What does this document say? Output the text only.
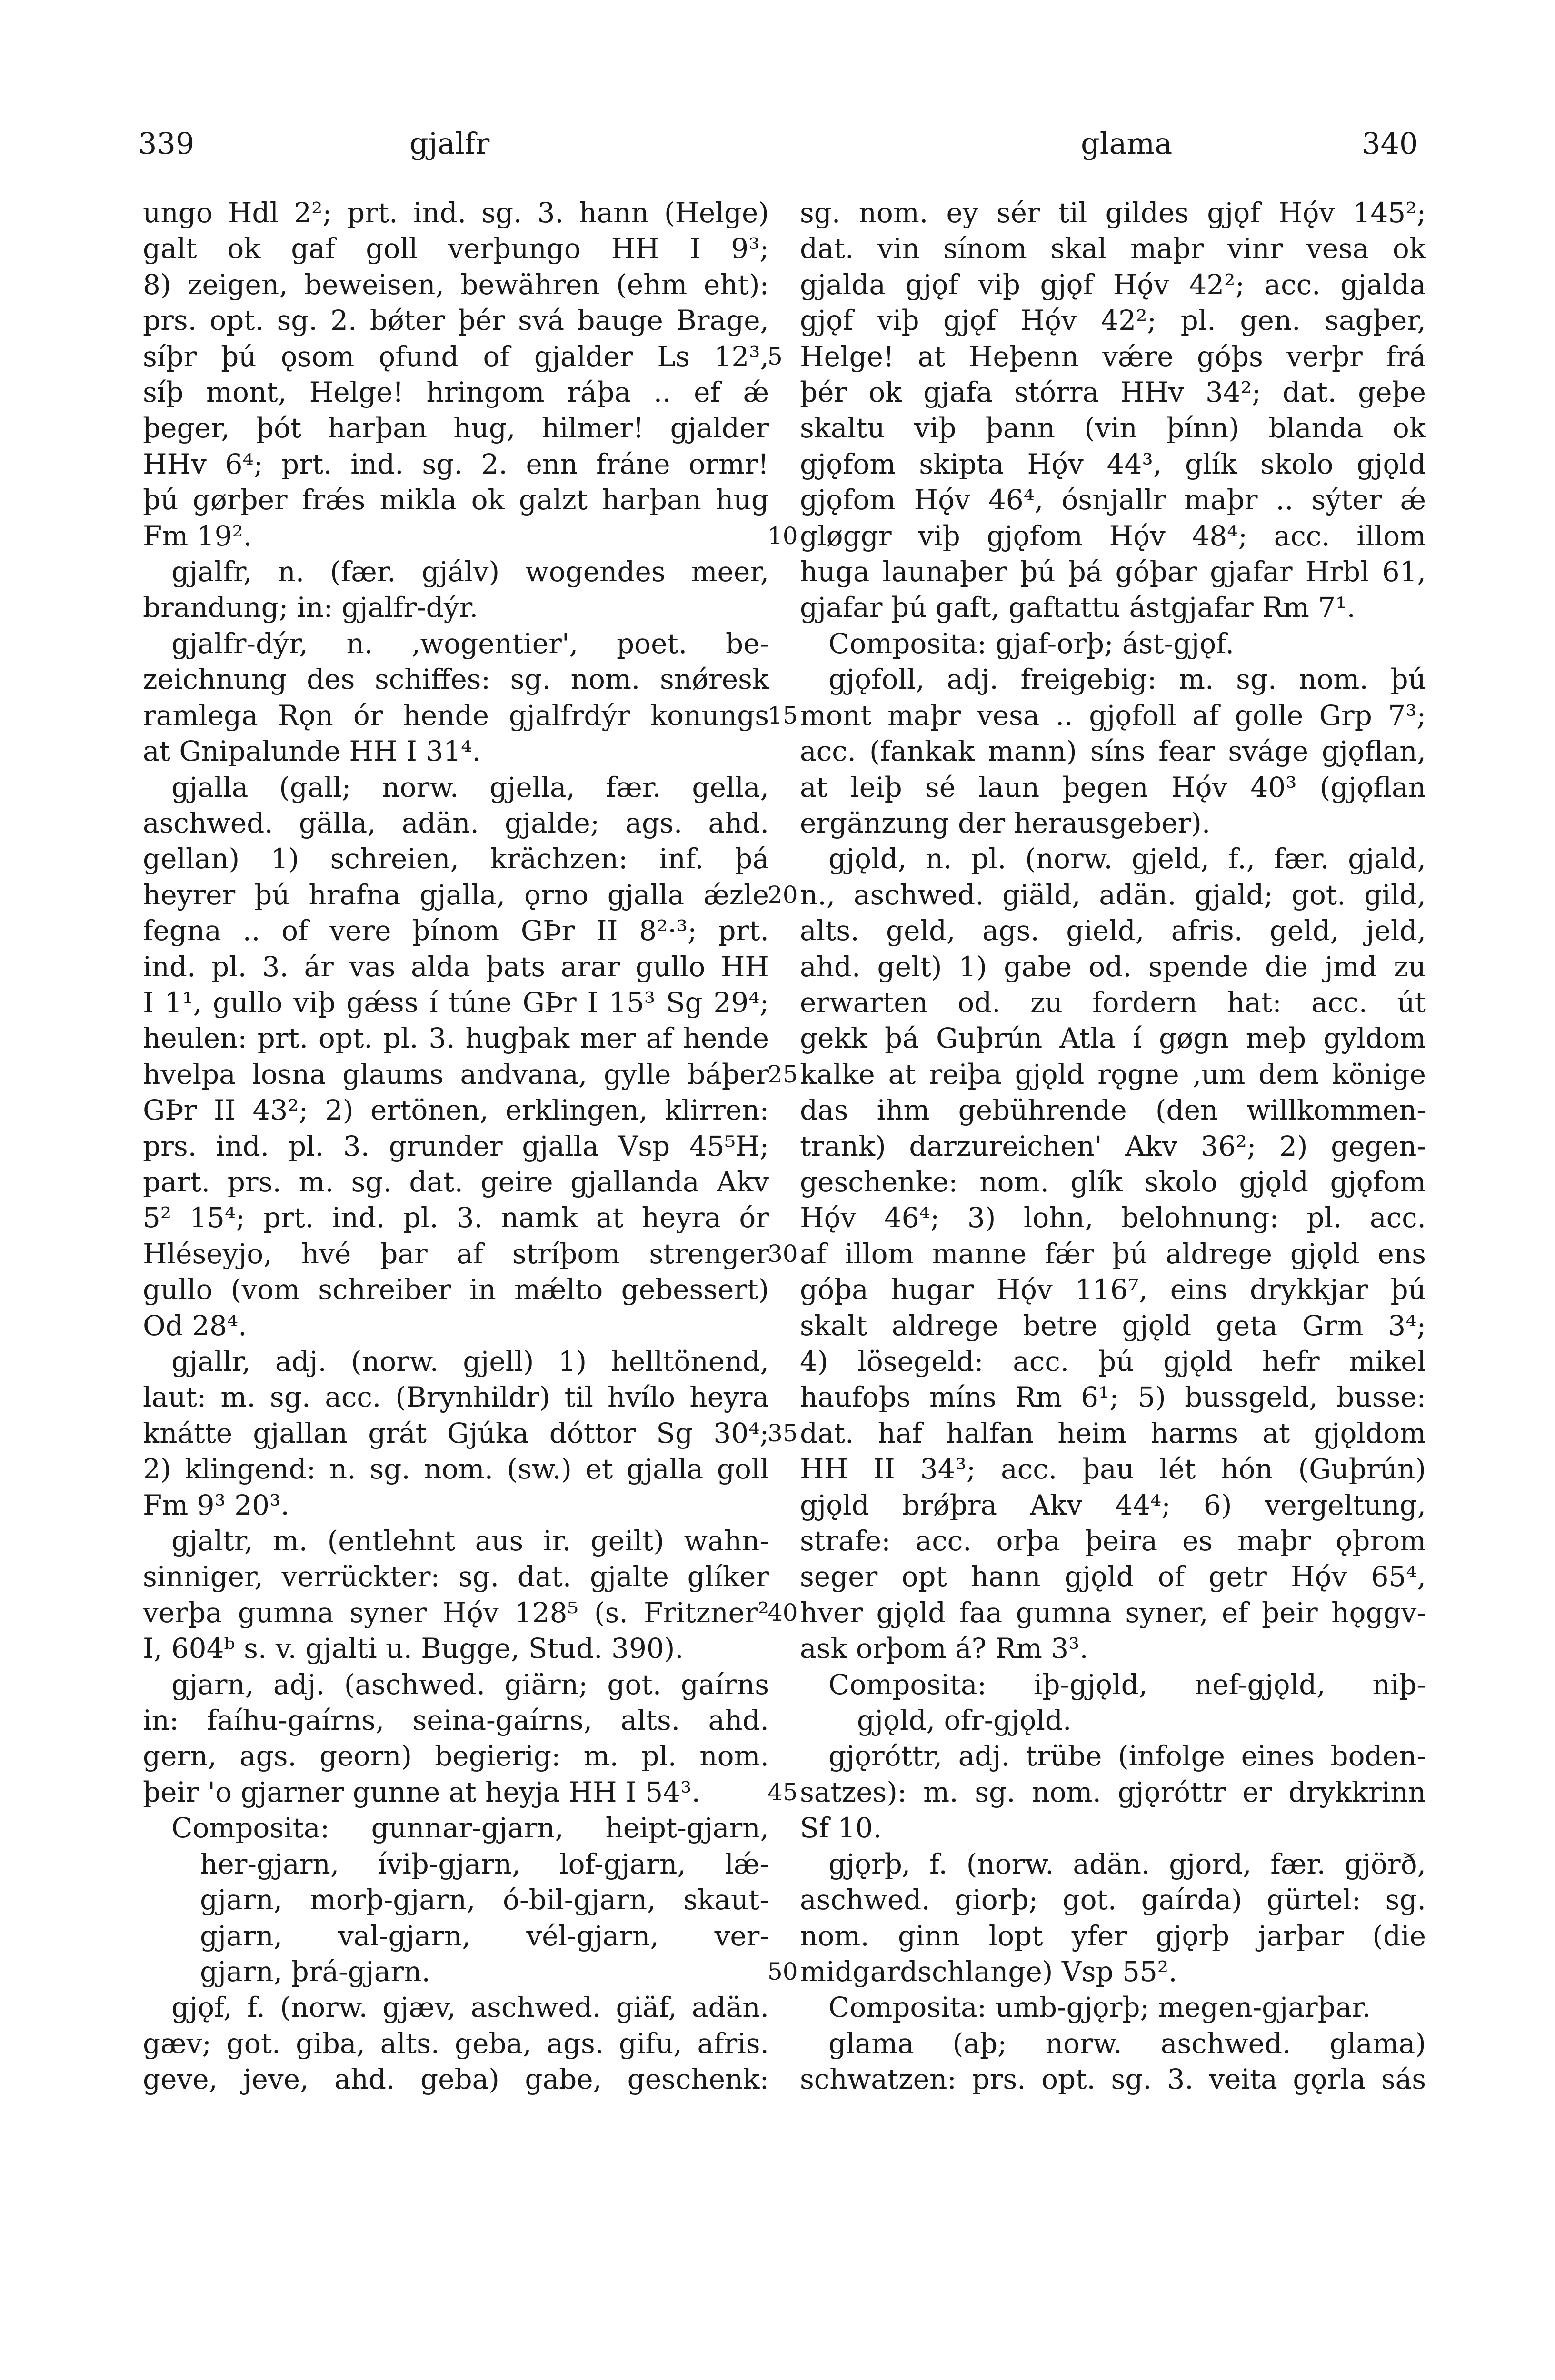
339	gjalfr	glama	340
ungo Hdl 2²; prt. ind. sg. 3. hann (Helge)
galt ok gaf goll verþungo HH I 9³;
8) zeigen, beweisen, bewähren (ehm eht):
prs. opt. sg. 2. bǿter þér svá bauge Brage,
síþr þú ǫsom ǫfund of gjalder Ls 12³,
síþ mont, Helge! hringom ráþa .. ef ǽ
þeger, þót harþan hug, hilmer! gjalder
HHv 6⁴; prt. ind. sg. 2. enn fráne ormr!
þú gørþer frǽs mikla ok galzt harþan hug
Fm 19².
gjalfr, n. (fær. gjálv) wogendes meer,
brandung; in: gjalfr-dýr.
gjalfr-dýr, n. ‚wogentier', poet. be-
zeichnung des schiffes: sg. nom. snǿresk
ramlega Rǫn ór hende gjalfrdýr konungs
at Gnipalunde HH I 31⁴.
gjalla (gall; norw. gjella, fær. gella,
aschwed. gälla, adän. gjalde; ags. ahd.
gellan) 1) schreien, krächzen: inf. þá
heyrer þú hrafna gjalla, ǫrno gjalla ǽzle
fegna .. of vere þínom GÞr II 8²·³; prt.
ind. pl. 3. ár vas alda þats arar gullo HH
I 1¹, gullo viþ gǽss í túne GÞr I 15³ Sg 29⁴;
heulen: prt. opt. pl. 3. hugþak mer af hende
hvelpa losna glaums andvana, gylle báþer
GÞr II 43²; 2) ertönen, erklingen, klirren:
prs. ind. pl. 3. grunder gjalla Vsp 45⁵H;
part. prs. m. sg. dat. geire gjallanda Akv
5² 15⁴; prt. ind. pl. 3. namk at heyra ór
Hléseyjo, hvé þar af stríþom strenger
gullo (vom schreiber in mǽlto gebessert)
Od 28⁴.
gjallr, adj. (norw. gjell) 1) helltönend,
laut: m. sg. acc. (Brynhildr) til hvílo heyra
knátte gjallan grát Gjúka dóttor Sg 30⁴;
2) klingend: n. sg. nom. (sw.) et gjalla goll
Fm 9³ 20³.
gjaltr, m. (entlehnt aus ir. geilt) wahn-
sinniger, verrückter: sg. dat. gjalte glíker
verþa gumna syner Hǫ́v 128⁵ (s. Fritzner²
I, 604ᵇ s. v. gjalti u. Bugge, Stud. 390).
gjarn, adj. (aschwed. giärn; got. gaírns
in: faíhu-gaírns, seina-gaírns, alts. ahd.
gern, ags. georn) begierig: m. pl. nom.
þeir 'o gjarner gunne at heyja HH I 54³.
Composita: gunnar-gjarn, heipt-gjarn,
her-gjarn, íviþ-gjarn, lof-gjarn, lǽ-
gjarn, morþ-gjarn, ó-bil-gjarn, skaut-
gjarn, val-gjarn, vél-gjarn, ver-
gjarn, þrá-gjarn.
gjǫf, f. (norw. gjæv, aschwed. giäf, adän.
gæv; got. giba, alts. geba, ags. gifu, afris.
geve, jeve, ahd. geba) gabe, geschenk:
5
10
15
20
25
30
35
40
45
50
sg. nom. ey sér til gildes gjǫf Hǫ́v 145²;
dat. vin sínom skal maþr vinr vesa ok
gjalda gjǫf viþ gjǫf Hǫ́v 42²; acc. gjalda
gjǫf viþ gjǫf Hǫ́v 42²; pl. gen. sagþer,
Helge! at Heþenn vǽre góþs verþr frá
þér ok gjafa stórra HHv 34²; dat. geþe
skaltu viþ þann (vin þínn) blanda ok
gjǫfom skipta Hǫ́v 44³, glík skolo gjǫld
gjǫfom Hǫ́v 46⁴, ósnjallr maþr .. sýter ǽ
gløggr viþ gjǫfom Hǫ́v 48⁴; acc. illom
huga launaþer þú þá góþar gjafar Hrbl 61,
gjafar þú gaft, gaftattu ástgjafar Rm 7¹.
Composita: gjaf-orþ; ást-gjǫf.
gjǫfoll, adj. freigebig: m. sg. nom. þú
mont maþr vesa .. gjǫfoll af golle Grp 7³;
acc. (fankak mann) síns fear sváge gjǫflan,
at leiþ sé laun þegen Hǫ́v 40³ (gjǫflan
ergänzung der herausgeber).
gjǫld, n. pl. (norw. gjeld, f., fær. gjald,
n., aschwed. giäld, adän. gjald; got. gild,
alts. geld, ags. gield, afris. geld, jeld,
ahd. gelt) 1) gabe od. spende die jmd zu
erwarten od. zu fordern hat: acc. út
gekk þá Guþrún Atla í gøgn meþ gyldom
kalke at reiþa gjǫld rǫgne ‚um dem könige
das ihm gebührende (den willkommen-
trank) darzureichen' Akv 36²; 2) gegen-
geschenke: nom. glík skolo gjǫld gjǫfom
Hǫ́v 46⁴; 3) lohn, belohnung: pl. acc.
af illom manne fǽr þú aldrege gjǫld ens
góþa hugar Hǫ́v 116⁷, eins drykkjar þú
skalt aldrege betre gjǫld geta Grm 3⁴;
4) lösegeld: acc. þú gjǫld hefr mikel
haufoþs míns Rm 6¹; 5) bussgeld, busse:
dat. haf halfan heim harms at gjǫldom
HH II 34³; acc. þau lét hón (Guþrún)
gjǫld brǿþra Akv 44⁴; 6) vergeltung,
strafe: acc. orþa þeira es maþr ǫþrom
seger opt hann gjǫld of getr Hǫ́v 65⁴,
hver gjǫld faa gumna syner, ef þeir hǫggv-
ask orþom á? Rm 3³.
Composita: iþ-gjǫld, nef-gjǫld, niþ-
gjǫld, ofr-gjǫld.
gjǫróttr, adj. trübe (infolge eines boden-
satzes): m. sg. nom. gjǫróttr er drykkrinn
Sf 10.
gjǫrþ, f. (norw. adän. gjord, fær. gjörð,
aschwed. giorþ; got. gaírda) gürtel: sg.
nom. ginn lopt yfer gjǫrþ jarþar (die
midgardschlange) Vsp 55².
Composita: umb-gjǫrþ; megen-gjarþar.
glama (aþ; norw. aschwed. glama)
schwatzen: prs. opt. sg. 3. veita gǫrla sás
